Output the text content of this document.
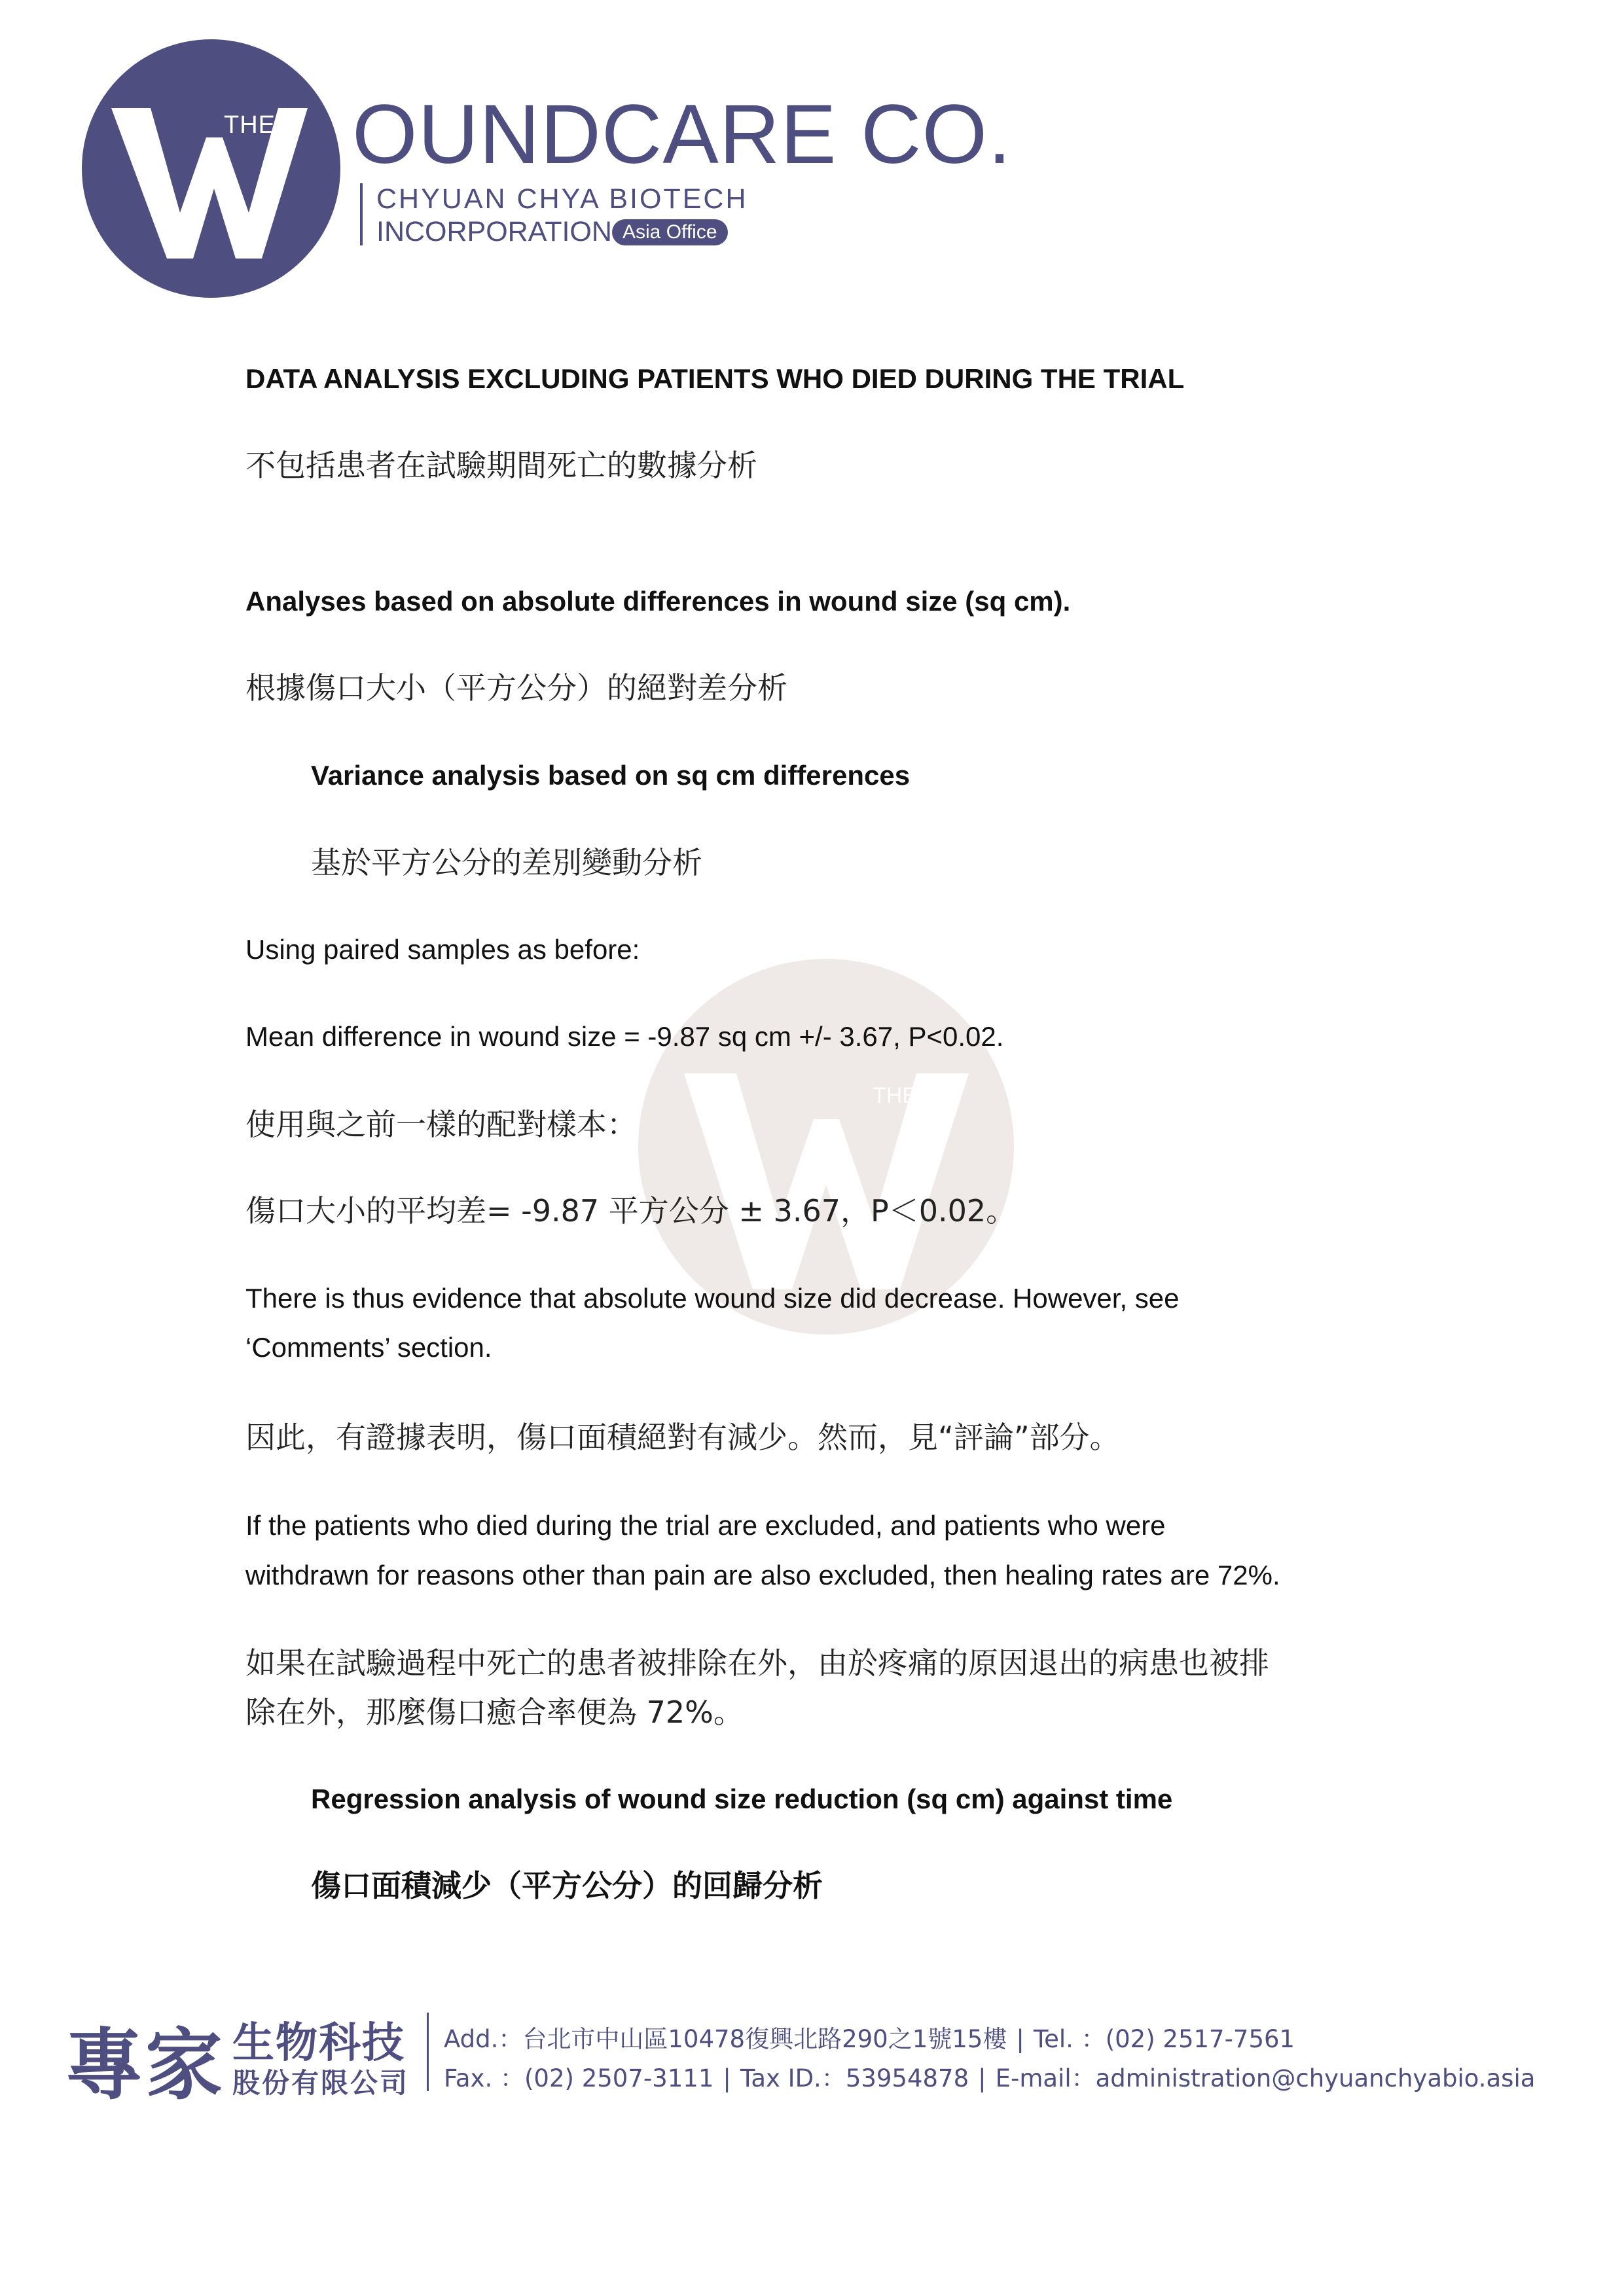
THE OUNDCARE CO.
CHYUAN CHYA BIOTECH
INCORPORATION Asia Office
THE
DATA ANALYSIS EXCLUDING PATIENTS WHO DIED DURING THE TRIAL
不包括患者在試驗期間死亡的數據分析
Analyses based on absolute differences in wound size (sq cm).
根據傷口大小（平方公分）的絕對差分析
Variance analysis based on sq cm differences
基於平方公分的差別變動分析
Using paired samples as before:
Mean difference in wound size = -9.87 sq cm +/- 3.67, P<0.02.
使用與之前一樣的配對樣本：
傷口大小的平均差= -9.87 平方公分 ± 3.67，P＜0.02。
There is thus evidence that absolute wound size did decrease. However, see
‘Comments’ section.
因此，有證據表明，傷口面積絕對有減少。然而，見“評論”部分。
If the patients who died during the trial are excluded, and patients who were
withdrawn for reasons other than pain are also excluded, then healing rates are 72%.
如果在試驗過程中死亡的患者被排除在外，由於疼痛的原因退出的病患也被排
除在外，那麼傷口癒合率便為 72%。
Regression analysis of wound size reduction (sq cm) against time
傷口面積減少（平方公分）的回歸分析
專家 生物科技
股份有限公司
Add.：台北市中山區10478復興北路290之1號15樓 | Tel. ：(02) 2517-7561
Fax. ：(02) 2507-3111 | Tax ID.：53954878 | E-mail：administration@chyuanchyabio.asia
